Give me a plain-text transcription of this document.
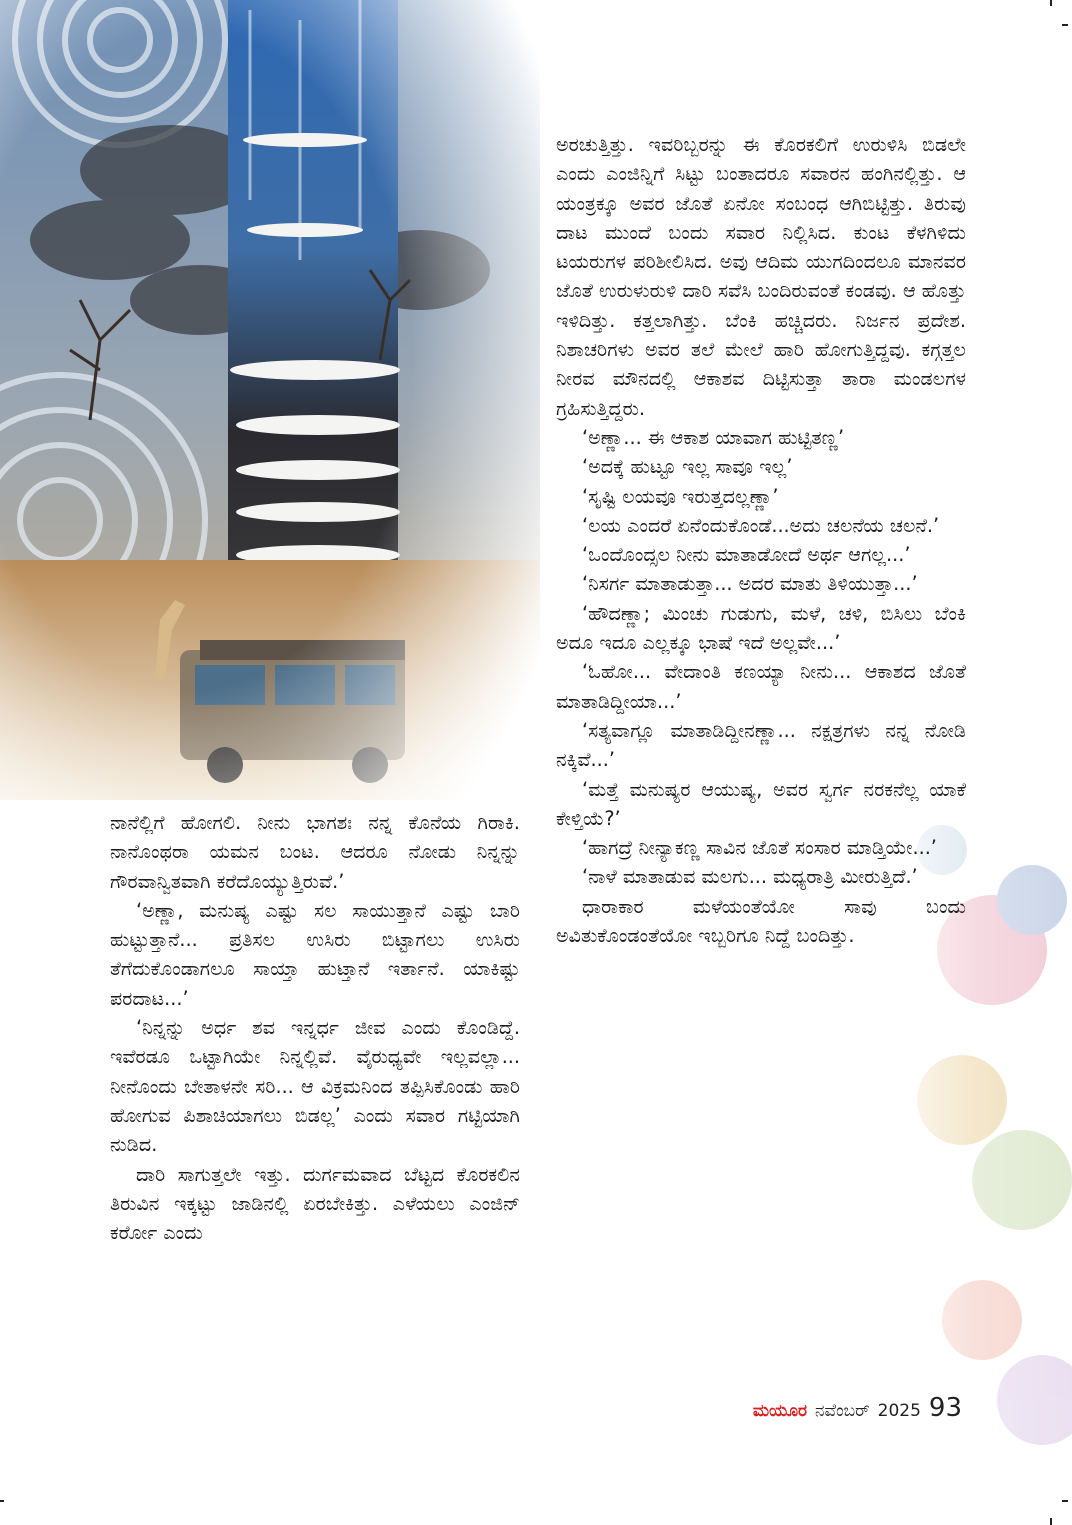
ನಾನೆಲ್ಲಿಗೆ ಹೋಗಲಿ. ನೀನು ಭಾಗಶಃ ನನ್ನ ಕೊನೆಯ ಗಿರಾಕಿ. ನಾನೊಂಥರಾ ಯಮನ ಬಂಟ. ಆದರೂ ನೋಡು ನಿನ್ನನ್ನು ಗೌರವಾನ್ವಿತವಾಗಿ ಕರೆದೊಯ್ಯುತ್ತಿರುವೆ.’

‘ಅಣ್ಣಾ, ಮನುಷ್ಯ ಎಷ್ಟು ಸಲ ಸಾಯುತ್ತಾನೆ ಎಷ್ಟು ಬಾರಿ ಹುಟ್ಟುತ್ತಾನೆ... ಪ್ರತಿಸಲ ಉಸಿರು ಬಿಟ್ಟಾಗಲು ಉಸಿರು ತೆಗೆದುಕೊಂಡಾಗಲೂ ಸಾಯ್ತಾ ಹುಟ್ತಾನೆ ಇರ್ತಾನೆ. ಯಾಕಿಷ್ಟು ಪರದಾಟ...’

‘ನಿನ್ನನ್ನು ಅರ್ಧ ಶವ ಇನ್ನರ್ಧ ಜೀವ ಎಂದು ಕೊಂಡಿದ್ದೆ. ಇವೆರಡೂ ಒಟ್ಟಾಗಿಯೇ ನಿನ್ನಲ್ಲಿವೆ. ವೈರುಧ್ಯವೇ ಇಲ್ಲವಲ್ಲಾ... ನೀನೊಂದು ಬೇತಾಳನೇ ಸರಿ... ಆ ವಿಕ್ರಮನಿಂದ ತಪ್ಪಿಸಿಕೊಂಡು ಹಾರಿ ಹೋಗುವ ಪಿಶಾಚಿಯಾಗಲು ಬಿಡಲ್ಲ’ ಎಂದು ಸವಾರ ಗಟ್ಟಿಯಾಗಿ ನುಡಿದ.

ದಾರಿ ಸಾಗುತ್ತಲೇ ಇತ್ತು. ದುರ್ಗಮವಾದ ಬೆಟ್ಟದ ಕೊರಕಲಿನ ತಿರುವಿನ ಇಕ್ಕಟ್ಟು ಜಾಡಿನಲ್ಲಿ ಏರಬೇಕಿತ್ತು. ಎಳೆಯಲು ಎಂಜಿನ್ ಕರ್ರೋ ಎಂದು

ಅರಚುತ್ತಿತ್ತು. ಇವರಿಬ್ಬರನ್ನು ಈ ಕೊರಕಲಿಗೆ ಉರುಳಿಸಿ ಬಿಡಲೇ ಎಂದು ಎಂಜಿನ್ನಿಗೆ ಸಿಟ್ಟು ಬಂತಾದರೂ ಸವಾರನ ಹಂಗಿನಲ್ಲಿತ್ತು. ಆ ಯಂತ್ರಕ್ಕೂ ಅವರ ಜೊತೆ ಏನೋ ಸಂಬಂಧ ಆಗಿಬಿಟ್ಟಿತ್ತು. ತಿರುವು ದಾಟ ಮುಂದೆ ಬಂದು ಸವಾರ ನಿಲ್ಲಿಸಿದ. ಕುಂಟ ಕೆಳಗಿಳಿದು ಟಯರುಗಳ ಪರಿಶೀಲಿಸಿದ. ಅವು ಆದಿಮ ಯುಗದಿಂದಲೂ ಮಾನವರ ಜೊತೆ ಉರುಳುರುಳಿ ದಾರಿ ಸವೆಸಿ ಬಂದಿರುವಂತೆ ಕಂಡವು. ಆ ಹೊತ್ತು ಇಳಿದಿತ್ತು. ಕತ್ತಲಾಗಿತ್ತು. ಬೆಂಕಿ ಹಚ್ಚಿದರು. ನಿರ್ಜನ ಪ್ರದೇಶ. ನಿಶಾಚರಿಗಳು ಅವರ ತಲೆ ಮೇಲೆ ಹಾರಿ ಹೋಗುತ್ತಿದ್ದವು. ಕಗ್ಗತ್ತಲ ನೀರವ ಮೌನದಲ್ಲಿ ಆಕಾಶವ ದಿಟ್ಟಿಸುತ್ತಾ ತಾರಾ ಮಂಡಲಗಳ ಗ್ರಹಿಸುತ್ತಿದ್ದರು.

‘ಅಣ್ಣಾ... ಈ ಆಕಾಶ ಯಾವಾಗ ಹುಟ್ಟಿತಣ್ಣ’

‘ಅದಕ್ಕೆ ಹುಟ್ಟೂ ಇಲ್ಲ ಸಾವೂ ಇಲ್ಲ’

‘ಸೃಷ್ಟಿ ಲಯವೂ ಇರುತ್ತದಲ್ಲಣ್ಣಾ’

‘ಲಯ ಎಂದರೆ ಏನೆಂದುಕೊಂಡೆ...ಅದು ಚಲನೆಯ ಚಲನೆ.’

‘ಒಂದೊಂದ್ಸಲ ನೀನು ಮಾತಾಡೋದೆ ಅರ್ಥ ಆಗಲ್ಲ...’

‘ನಿಸರ್ಗ ಮಾತಾಡುತ್ತಾ... ಅದರ ಮಾತು ತಿಳಿಯುತ್ತಾ...’

‘ಹೌದಣ್ಣಾ; ಮಿಂಚು ಗುಡುಗು, ಮಳೆ, ಚಳಿ, ಬಿಸಿಲು ಬೆಂಕಿ ಅದೂ ಇದೂ ಎಲ್ಲಕ್ಕೂ ಭಾಷೆ ಇದೆ ಅಲ್ಲವೇ...’

‘ಓಹೋ... ವೇದಾಂತಿ ಕಣಯ್ಯಾ ನೀನು... ಆಕಾಶದ ಜೊತೆ ಮಾತಾಡಿದ್ದೀಯಾ...’

‘ಸತ್ಯವಾಗ್ಲೂ ಮಾತಾಡಿದ್ದೀನಣ್ಣಾ... ನಕ್ಷತ್ರಗಳು ನನ್ನ ನೋಡಿ ನಕ್ಕಿವೆ...’

‘ಮತ್ತೆ ಮನುಷ್ಯರ ಆಯುಷ್ಯ, ಅವರ ಸ್ವರ್ಗ ನರಕನೆಲ್ಲ ಯಾಕೆ ಕೇಳ್ತಿಯೆ?’

‘ಹಾಗದ್ರೆ ನೀನ್ಯಾಕಣ್ಣ ಸಾವಿನ ಜೊತೆ ಸಂಸಾರ ಮಾಡ್ತಿಯೇ...’

‘ನಾಳೆ ಮಾತಾಡುವ ಮಲಗು... ಮಧ್ಯರಾತ್ರಿ ಮೀರುತ್ತಿದೆ.’

ಧಾರಾಕಾರ ಮಳೆಯಂತೆಯೋ ಸಾವು ಬಂದು ಅವಿತುಕೊಂಡಂತೆಯೋ ಇಬ್ಬರಿಗೂ ನಿದ್ದೆ ಬಂದಿತ್ತು.

ಮಯೂರ ನವೆಂಬರ್ 2025 93
